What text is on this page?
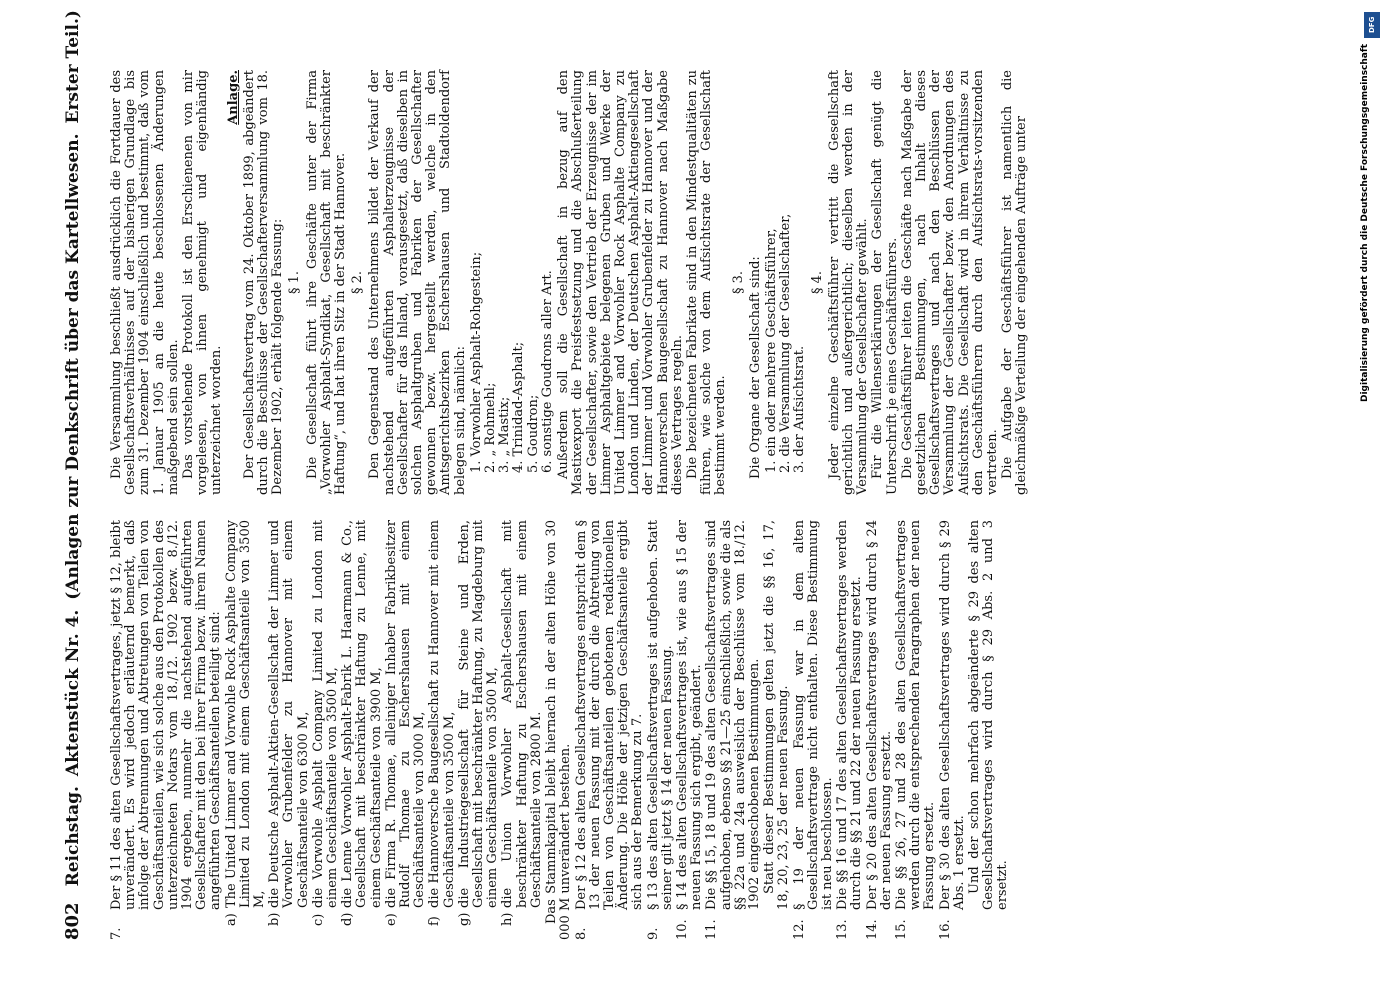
802
Reichstag.
Aktenstück Nr. 4.
(Anlagen zur Denkschrift über das Kartellwesen.
Erster Teil.)
7.
Der § 11 des alten Gesellschaftsvertrages, jetzt § 12, bleibt unverändert. Es wird jedoch erläuternd bemerkt, daß infolge der Abtrennungen und Abtretungen von Teilen von Geschäftsanteilen, wie sich solche aus den Protokollen des unterzeichneten Notars vom 18./12. 1902 bezw. 8./12. 1904 ergeben, nunmehr die nachstehend aufgeführten Gesellschafter mit den bei ihrer Firma bezw. ihrem Namen angeführten Geschäftsanteilen beteiligt sind:
a)
The United Limmer and Vorwohle Rock Asphalte Company Limited zu London mit einem Geschäftsanteile von 3500 M,
b)
die Deutsche Asphalt-Aktien-Gesellschaft der Limmer und Vorwohler Grubenfelder zu Hannover mit einem Geschäftsanteile von 6300 M,
c)
die Vorwohle Asphalt Company Limited zu London mit einem Geschäftsanteile von 3500 M,
d)
die Lenne Vorwohler Asphalt-Fabrik L. Haarmann & Co., Gesellschaft mit beschränkter Haftung zu Lenne, mit einem Geschäftsanteile von 3900 M,
e)
die Firma R. Thomae, alleiniger Inhaber Fabrikbesitzer Rudolf Thomae zu Eschershausen mit einem Geschäftsanteile von 3000 M,
f)
die Hannoversche Baugesellschaft zu Hannover mit einem Geschäftsanteile von 3500 M,
g)
die Industriegesellschaft für Steine und Erden, Gesellschaft mit beschränkter Haftung, zu Magdeburg mit einem Geschäftsanteile von 3500 M,
h)
die Union Vorwohler Asphalt-Gesellschaft mit beschränkter Haftung zu Eschershausen mit einem Geschäftsanteile von 2800 M. Das Stammkapital bleibt hiernach in der alten Höhe von 30 000 M unverändert bestehen. 8.
Der § 12 des alten Gesellschaftsvertrages entspricht dem § 13 der neuen Fassung mit der durch die Abtretung von Teilen von Geschäftsanteilen gebotenen redaktionellen Änderung. Die Höhe der jetzigen Geschäftsanteile ergibt sich aus der Bemerkung zu 7.
9.
§ 13 des alten Gesellschaftsvertrages ist aufgehoben. Statt seiner gilt jetzt § 14 der neuen Fassung.
10.
§ 14 des alten Gesellschaftsvertrages ist, wie aus § 15 der neuen Fassung sich ergibt, geändert.
11.
Die §§ 15, 18 und 19 des alten Gesellschaftsvertrages sind aufgehoben, ebenso §§ 21—25 einschließlich, sowie die als §§ 22a und 24a ausweislich der Beschlüsse vom 18./12. 1902 eingeschobenen Bestimmungen. Statt dieser Bestimmungen gelten jetzt die §§ 16, 17, 18, 20, 23, 25 der neuen Fassung.

12.
§ 19 der neuen Fassung war in dem alten Gesellschaftsvertrage nicht enthalten. Diese Bestimmung ist neu beschlossen.
13.
Die §§ 16 und 17 des alten Gesellschaftsvertrages werden durch die §§ 21 und 22 der neuen Fassung ersetzt.
14.
Der § 20 des alten Gesellschaftsvertrages wird durch § 24 der neuen Fassung ersetzt.
15.
Die §§ 26, 27 und 28 des alten Gesellschaftsvertrages werden durch die entsprechenden Paragraphen der neuen Fassung ersetzt.
16.
Der § 30 des alten Gesellschaftsvertrages wird durch § 29 Abs. 1 ersetzt. Und der schon mehrfach abgeänderte § 29 des alten Gesellschaftsvertrages wird durch § 29 Abs. 2 und 3 ersetzt.

Die Versammlung beschließt ausdrücklich die Fortdauer des Gesellschaftsverhältnisses auf der bisherigen Grundlage bis zum 31. Dezember 1904 einschließlich und bestimmt, daß vom 1. Januar 1905 an die heute beschlossenen Änderungen maßgebend sein sollen. Das vorstehende Protokoll ist den Erschienenen von mir vorgelesen, von ihnen genehmigt und eigenhändig unterzeichnet worden.

Anlage. Der Gesellschaftsvertrag vom 24. Oktober 1899, abgeändert durch die Beschlüsse der Gesellschafterversammlung vom 18. Dezember 1902, erhält folgende Fassung: § 1. Die Gesellschaft führt ihre Geschäfte unter der Firma „Vorwohler Asphalt-Syndikat, Gesellschaft mit beschränkter Haftung“, und hat ihren Sitz in der Stadt Hannover. § 2. Den Gegenstand des Unternehmens bildet der Verkauf der nachstehend aufgeführten Asphalterzeugnisse der Gesellschafter für das Inland, vorausgesetzt, daß dieselben in solchen Asphaltgruben und Fabriken der Gesellschafter gewonnen bezw. hergestellt werden, welche in den Amtsgerichtsbezirken Eschershausen und Stadtoldendorf belegen sind, nämlich: 1. Vorwohler Asphalt-Rohgestein; 2. „ Rohmehl; 3. „ Mastix; 4. Trinidad-Asphalt; 5. Goudron; 6. sonstige Goudrons aller Art. Außerdem soll die Gesellschaft in bezug auf den Mastixexport die Preisfestsetzung und die Abschlußerteilung der Gesellschafter, sowie den Vertrieb der Erzeugnisse der im Limmer Asphaltgebiete belegenen Gruben und Werke der United Limmer and Vorwohler Rock Asphalte Company zu London und Linden, der Deutschen Asphalt-Aktiengesellschaft der Limmer und Vorwohler Grubenfelder zu Hannover und der Hannoverschen Baugesellschaft zu Hannover nach Maßgabe dieses Vertrages regeln. Die bezeichneten Fabrikate sind in den Mindestqualitäten zu führen, wie solche von dem Aufsichtsrate der Gesellschaft bestimmt werden.

§ 3. Die Organe der Gesellschaft sind: 1. ein oder mehrere Geschäftsführer, 2. die Versammlung der Gesellschafter, 3. der Aufsichtsrat.
§ 4. Jeder einzelne Geschäftsführer vertritt die Gesellschaft gerichtlich und außergerichtlich; dieselben werden in der Versammlung der Gesellschafter gewählt. Für die Willenserklärungen der Gesellschaft genügt die Unterschrift je eines Geschäftsführers. Die Geschäftsführer leiten die Geschäfte nach Maßgabe der gesetzlichen Bestimmungen, nach Inhalt dieses Gesellschaftsvertrages und nach den Beschlüssen der Versammlung der Gesellschafter bezw. den Anordnungen des Aufsichtsrats. Die Gesellschaft wird in ihrem Verhältnisse zu den Geschäftsführern durch den Aufsichtsrats-vorsitzenden vertreten. Die Aufgabe der Geschäftsführer ist namentlich die gleichmäßige Verteilung der eingehenden Aufträge unter

DFG
Digitalisierung gefördert durch die Deutsche Forschungsgemeinschaft
